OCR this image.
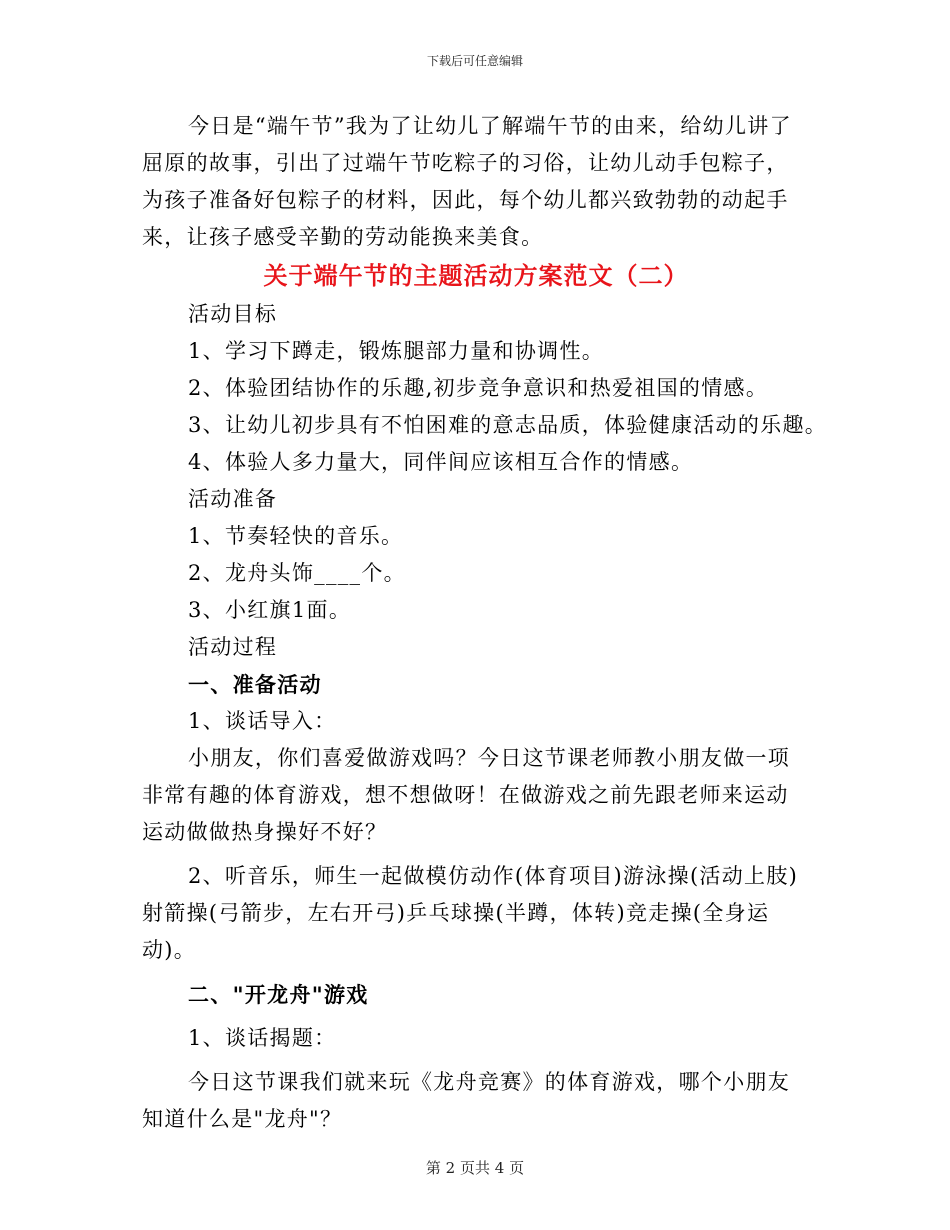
下载后可任意编辑

今日是“端午节”我为了让幼儿了解端午节的由来，给幼儿讲了屈原的故事，引出了过端午节吃粽子的习俗，让幼儿动手包粽子，为孩子准备好包粽子的材料，因此，每个幼儿都兴致勃勃的动起手来，让孩子感受辛勤的劳动能换来美食。

关于端午节的主题活动方案范文（二）

活动目标

1、学习下蹲走，锻炼腿部力量和协调性。

2、体验团结协作的乐趣,初步竞争意识和热爱祖国的情感。

3、让幼儿初步具有不怕困难的意志品质，体验健康活动的乐趣。

4、体验人多力量大，同伴间应该相互合作的情感。

活动准备

1、节奏轻快的音乐。

2、龙舟头饰____个。

3、小红旗1面。

活动过程

一、准备活动

1、谈话导入：

小朋友，你们喜爱做游戏吗？今日这节课老师教小朋友做一项非常有趣的体育游戏，想不想做呀！在做游戏之前先跟老师来运动运动做做热身操好不好？

2、听音乐，师生一起做模仿动作(体育项目)游泳操(活动上肢)射箭操(弓箭步，左右开弓)乒乓球操(半蹲，体转)竞走操(全身运动)。

二、"开龙舟"游戏

1、谈话揭题：

今日这节课我们就来玩《龙舟竞赛》的体育游戏，哪个小朋友知道什么是"龙舟"？

第 2 页共 4 页
